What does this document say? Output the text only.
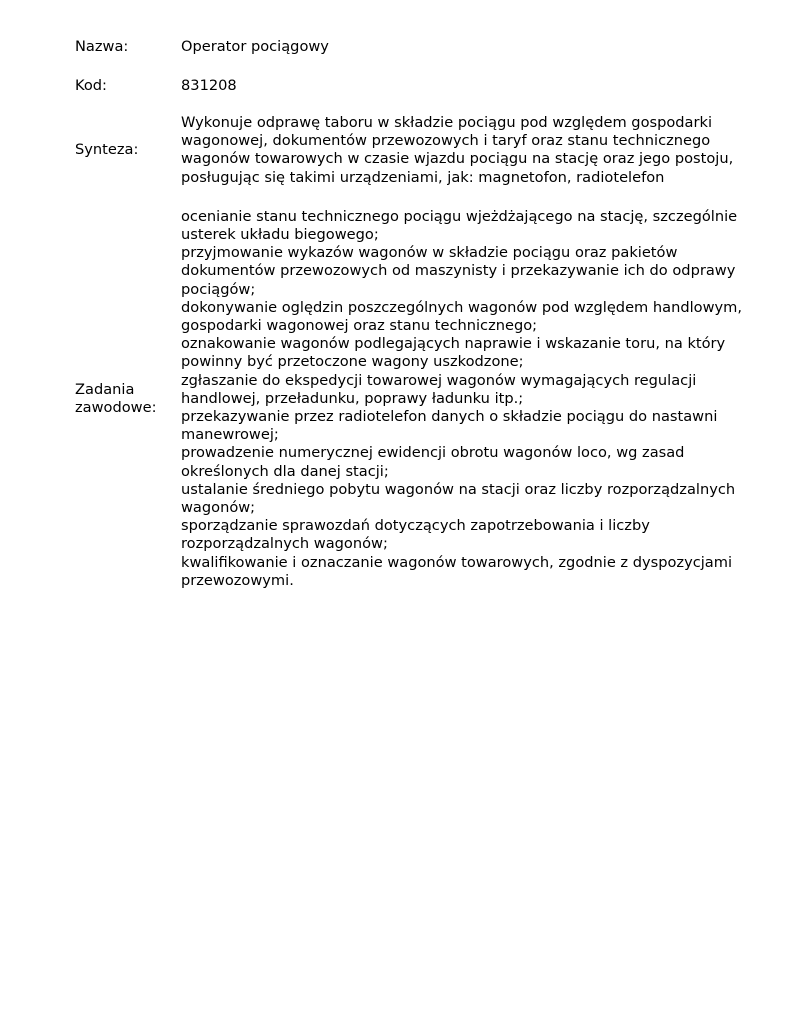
Nazwa:	Operator pociągowy
Kod:	831208
Synteza:
Wykonuje odprawę taboru w składzie pociągu pod względem gospodarki wagonowej, dokumentów przewozowych i taryf oraz stanu technicznego wagonów towarowych w czasie wjazdu pociągu na stację oraz jego postoju, posługując się takimi urządzeniami, jak: magnetofon, radiotelefon
Zadania
zawodowe:
ocenianie stanu technicznego pociągu wjeżdżającego na stację, szczególnie usterek układu biegowego;
przyjmowanie wykazów wagonów w składzie pociągu oraz pakietów dokumentów przewozowych od maszynisty i przekazywanie ich do odprawy pociągów;
dokonywanie oględzin poszczególnych wagonów pod względem handlowym, gospodarki wagonowej oraz stanu technicznego;
oznakowanie wagonów podlegających naprawie i wskazanie toru, na który powinny być przetoczone wagony uszkodzone;
zgłaszanie do ekspedycji towarowej wagonów wymagających regulacji handlowej, przeładunku, poprawy ładunku itp.;
przekazywanie przez radiotelefon danych o składzie pociągu do nastawni manewrowej;
prowadzenie numerycznej ewidencji obrotu wagonów loco, wg zasad określonych dla danej stacji;
ustalanie średniego pobytu wagonów na stacji oraz liczby rozporządzalnych wagonów;
sporządzanie sprawozdań dotyczących zapotrzebowania i liczby rozporządzalnych wagonów;
kwalifikowanie i oznaczanie wagonów towarowych, zgodnie z dyspozycjami przewozowymi.
